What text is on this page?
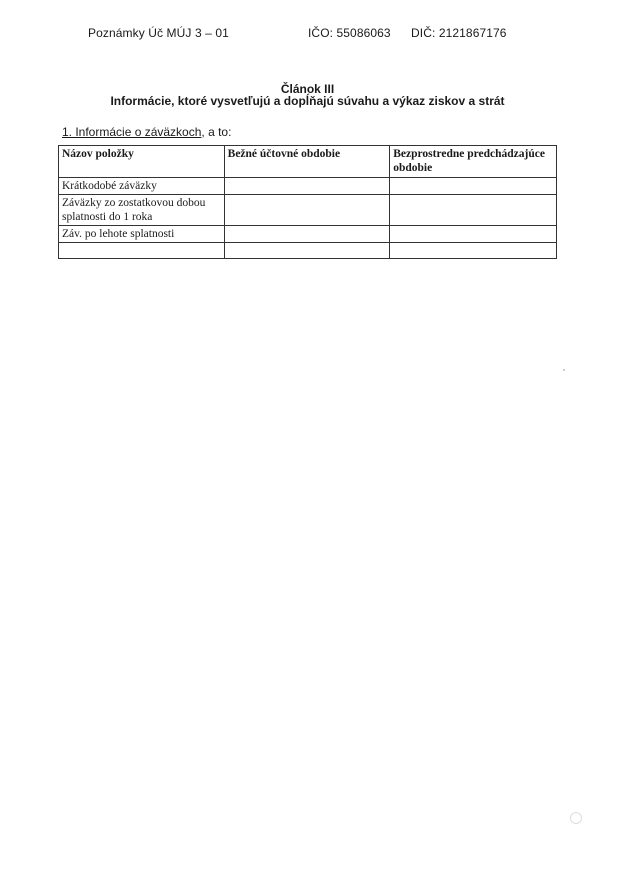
Poznámky Úč MÚJ 3 – 01	IČO: 55086063 DIČ: 2121867176
Článok III
Informácie, ktoré vysvetľujú a dopĺňajú súvahu a výkaz ziskov a strát
1. Informácie o záväzkoch, a to:
Názov položky	Bežné účtovné obdobie	Bezprostredne predchádzajúce obdobie
Krátkodobé záväzky		
Záväzky zo zostatkovou dobou splatnosti do 1 roka		
Záv. po lehote splatnosti		
